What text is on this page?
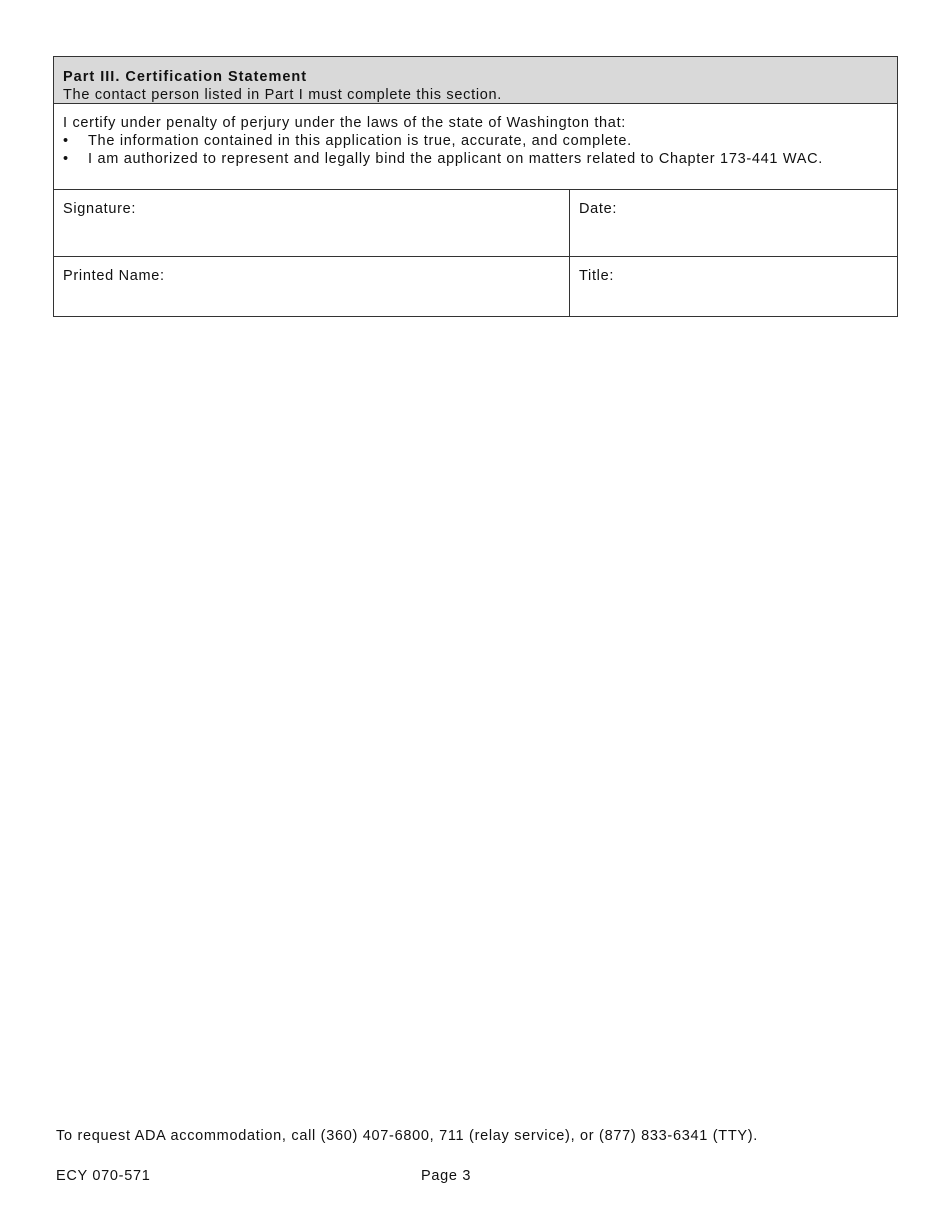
Part III. Certification Statement
The contact person listed in Part I must complete this section.
I certify under penalty of perjury under the laws of the state of Washington that:
• The information contained in this application is true, accurate, and complete.
• I am authorized to represent and legally bind the applicant on matters related to Chapter 173-441 WAC.
Signature:	Date:
Printed Name:	Title:
To request ADA accommodation, call (360) 407-6800, 711 (relay service), or (877) 833-6341 (TTY).
ECY 070-571	Page 3
